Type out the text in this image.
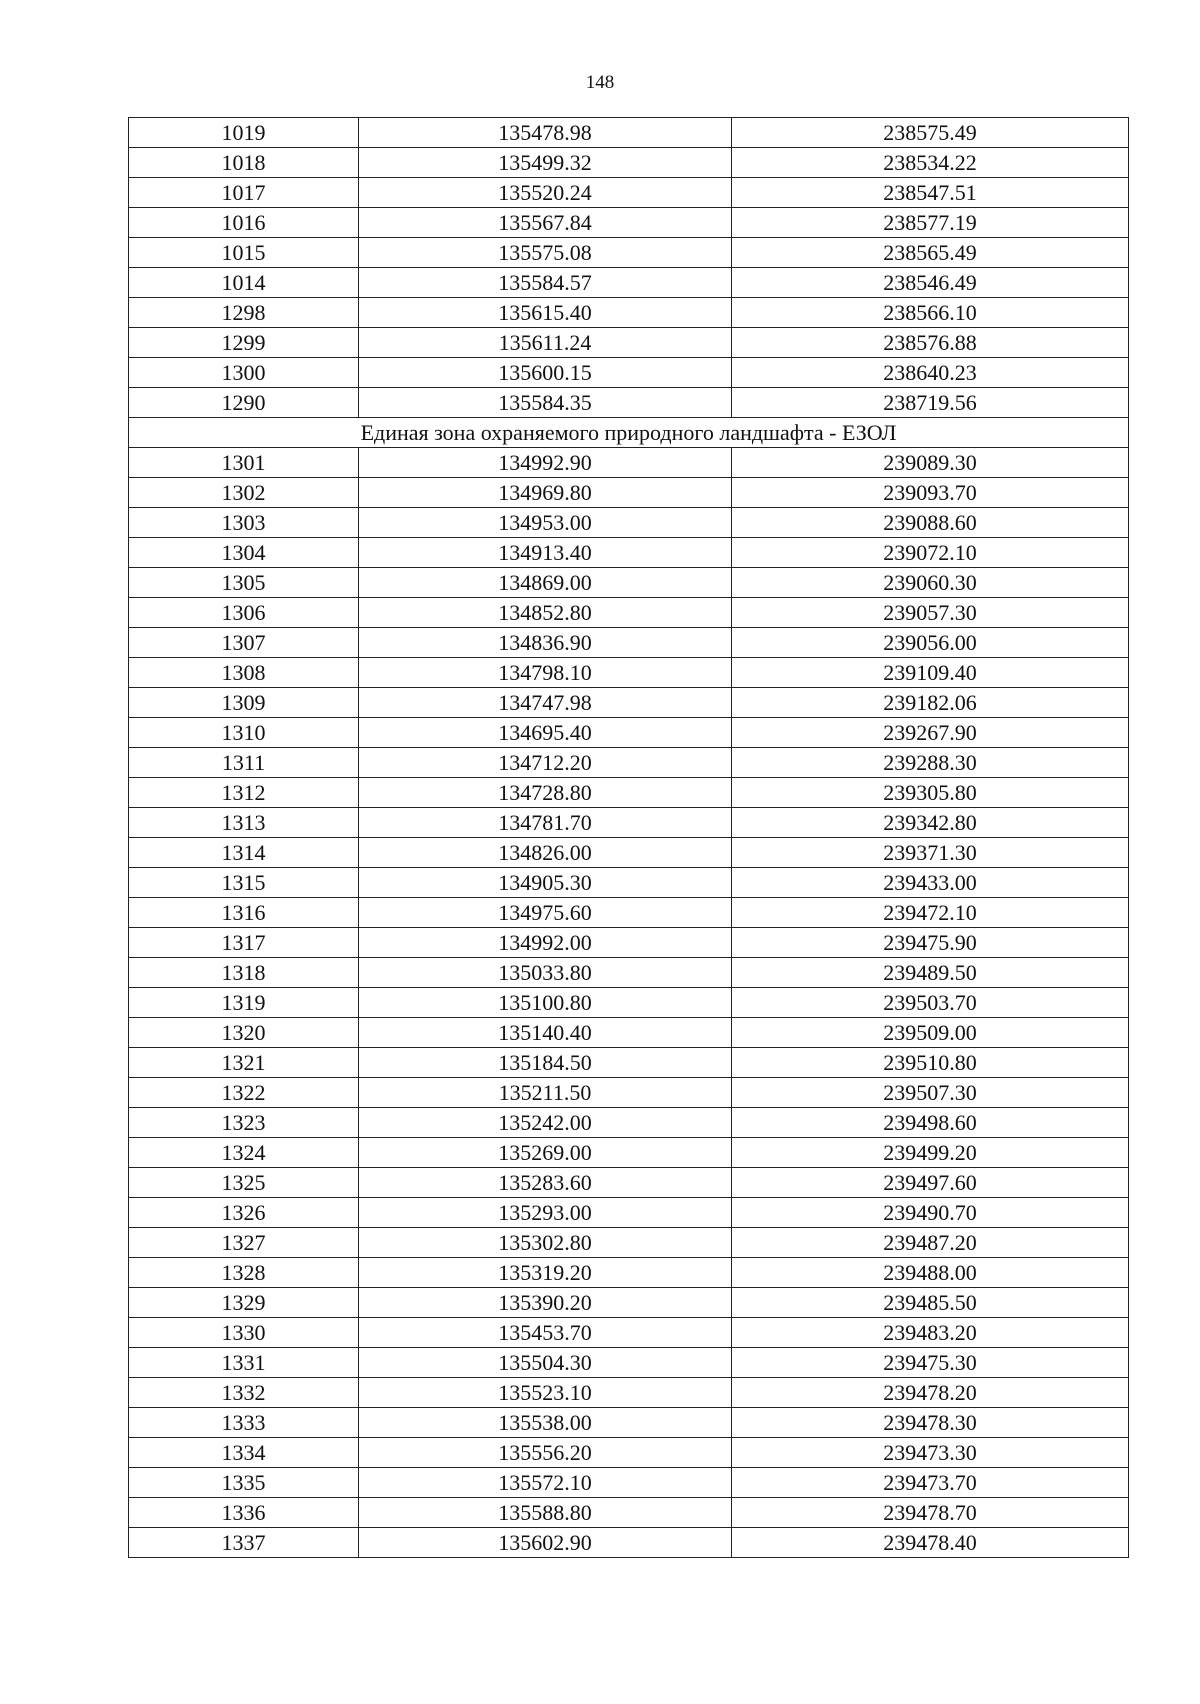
148
1019	135478.98	238575.49
1018	135499.32	238534.22
1017	135520.24	238547.51
1016	135567.84	238577.19
1015	135575.08	238565.49
1014	135584.57	238546.49
1298	135615.40	238566.10
1299	135611.24	238576.88
1300	135600.15	238640.23
1290	135584.35	238719.56
Единая зона охраняемого природного ландшафта - ЕЗОЛ		
1301	134992.90	239089.30
1302	134969.80	239093.70
1303	134953.00	239088.60
1304	134913.40	239072.10
1305	134869.00	239060.30
1306	134852.80	239057.30
1307	134836.90	239056.00
1308	134798.10	239109.40
1309	134747.98	239182.06
1310	134695.40	239267.90
1311	134712.20	239288.30
1312	134728.80	239305.80
1313	134781.70	239342.80
1314	134826.00	239371.30
1315	134905.30	239433.00
1316	134975.60	239472.10
1317	134992.00	239475.90
1318	135033.80	239489.50
1319	135100.80	239503.70
1320	135140.40	239509.00
1321	135184.50	239510.80
1322	135211.50	239507.30
1323	135242.00	239498.60
1324	135269.00	239499.20
1325	135283.60	239497.60
1326	135293.00	239490.70
1327	135302.80	239487.20
1328	135319.20	239488.00
1329	135390.20	239485.50
1330	135453.70	239483.20
1331	135504.30	239475.30
1332	135523.10	239478.20
1333	135538.00	239478.30
1334	135556.20	239473.30
1335	135572.10	239473.70
1336	135588.80	239478.70
1337	135602.90	239478.40
